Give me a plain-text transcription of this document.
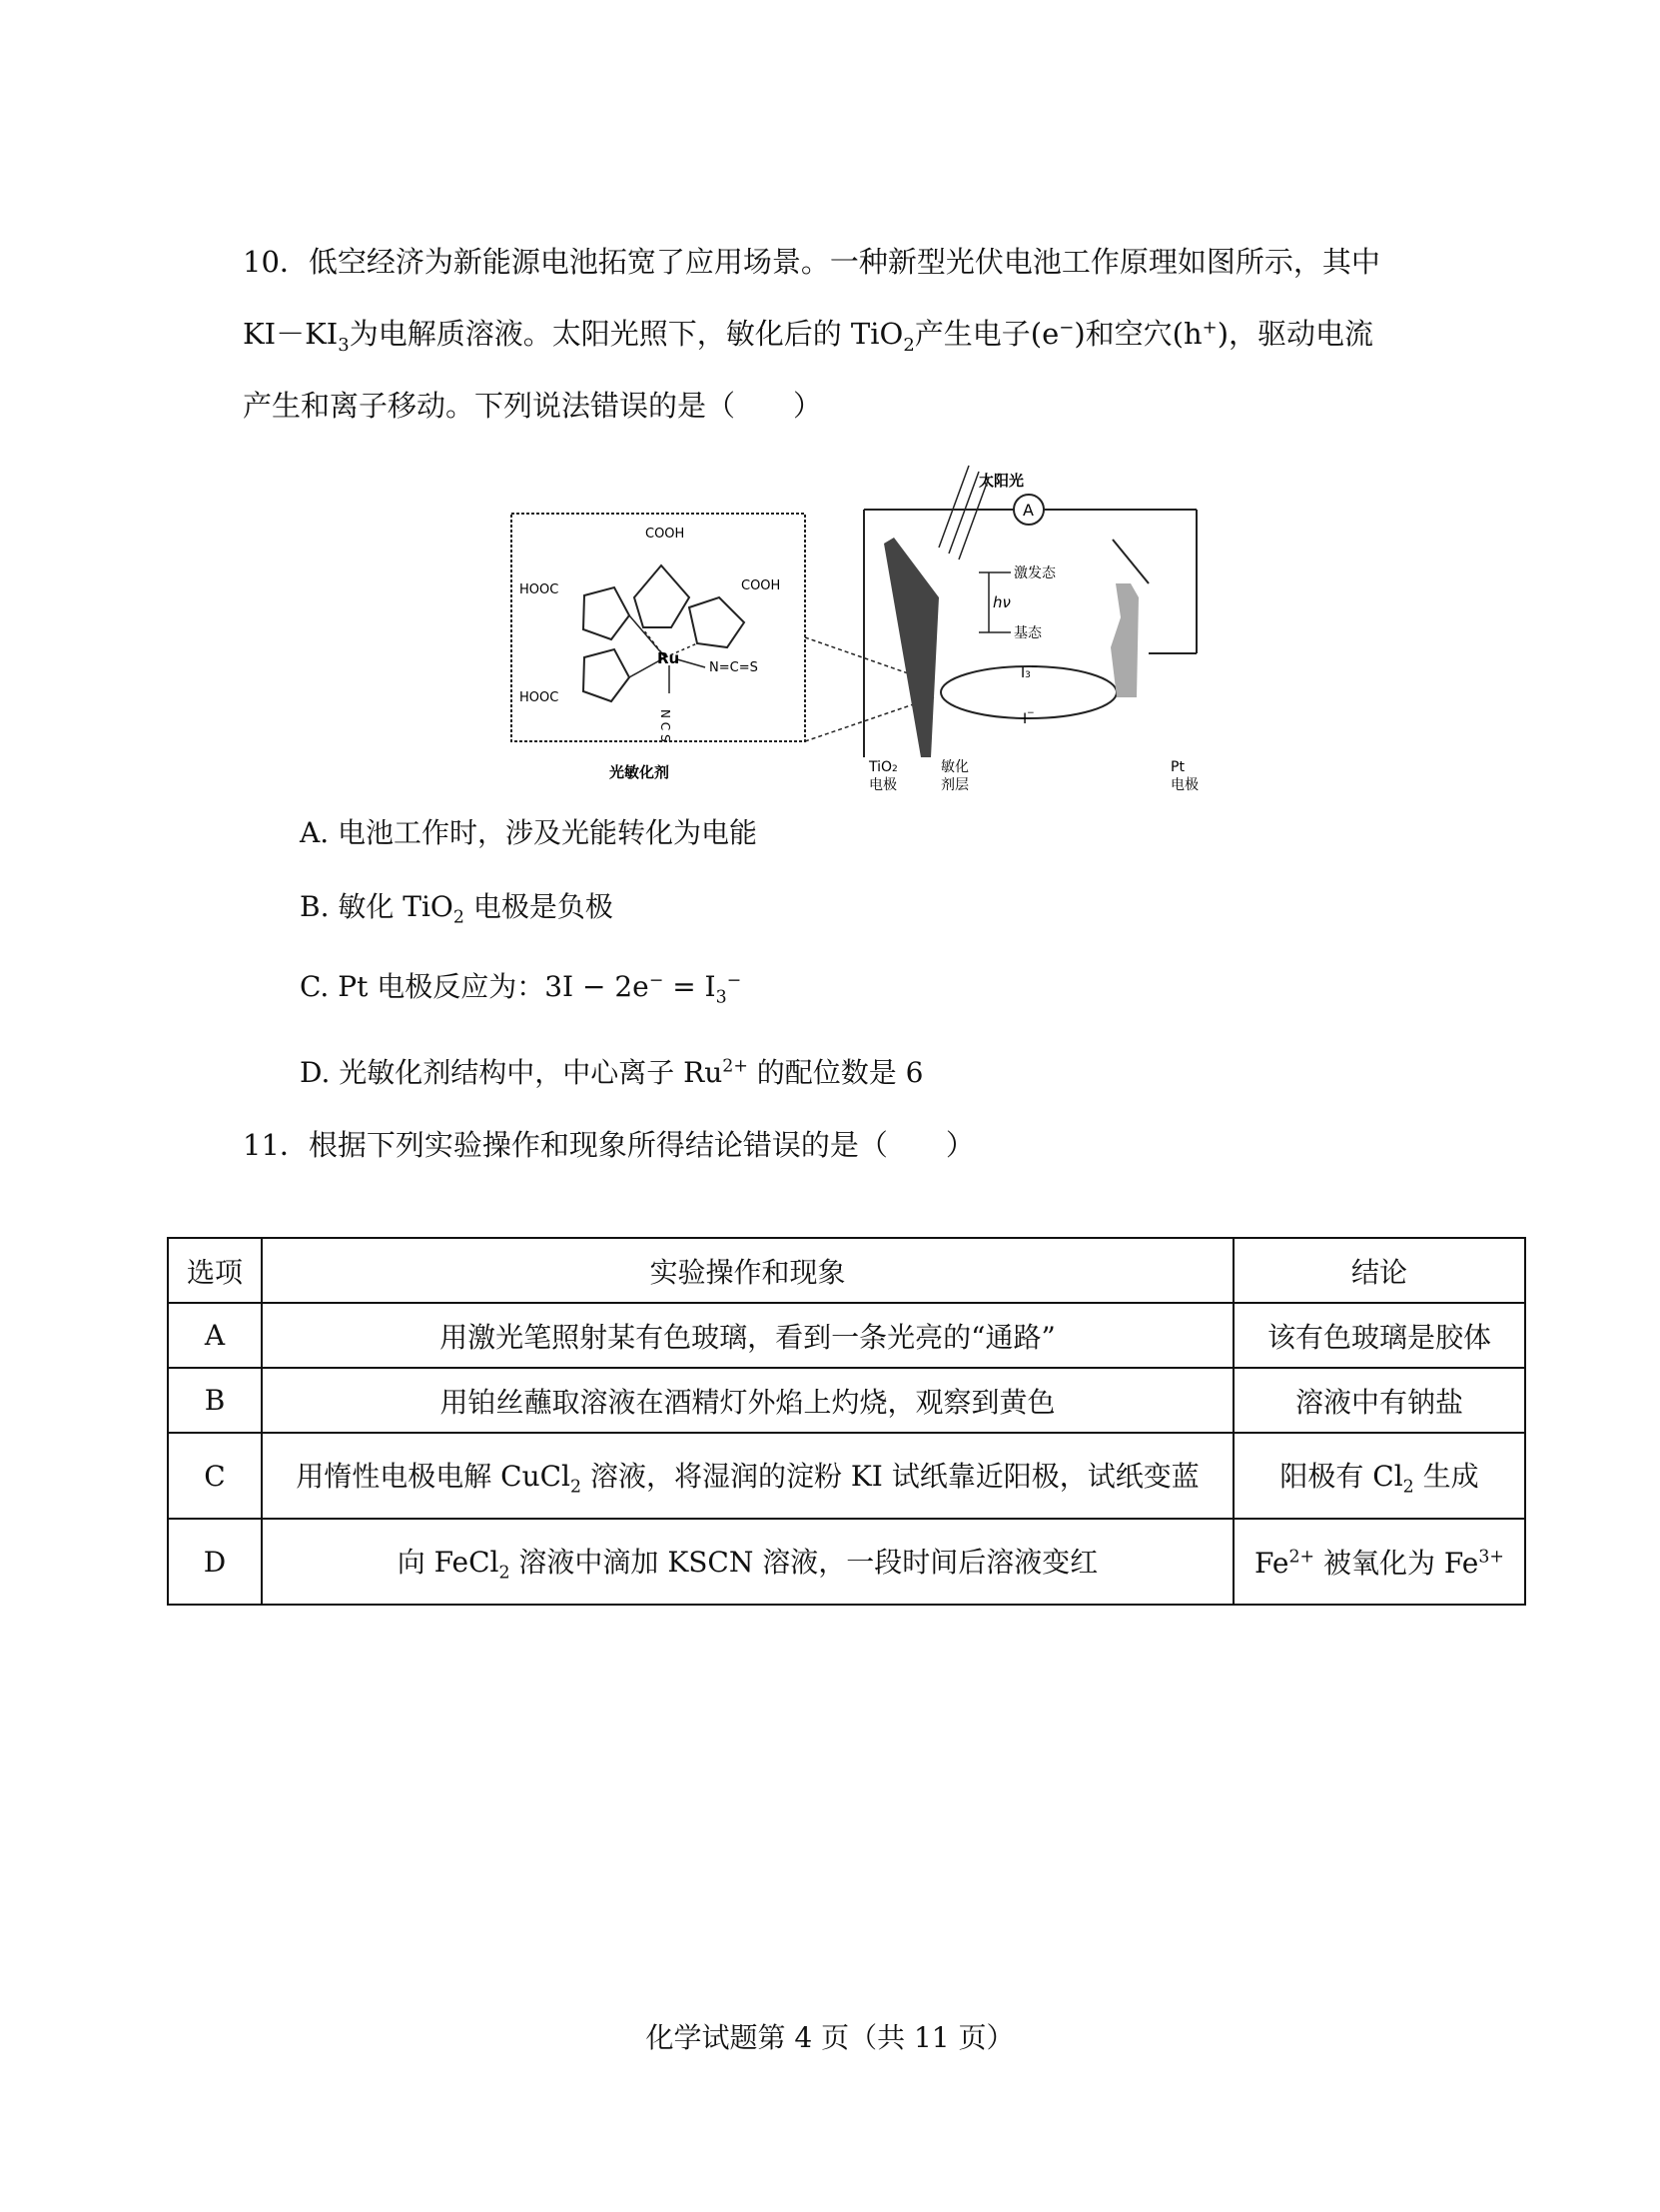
10．低空经济为新能源电池拓宽了应用场景。一种新型光伏电池工作原理如图所示，其中
$KI-KI_3$为电解质溶液。太阳光照下，敏化后的 TiO$_2$产生电子(e−)和空穴(h+)，驱动电流
产生和离子移动。下列说法错误的是（　　）
Ru
COOH
COOH
HOOC
HOOC
N=C=S
N C S
光敏化剂
A
太阳光
hν
激发态
基态
I3−
I−
TiO2
电极
敏化
剂层
Pt
电极
A. 电池工作时，涉及光能转化为电能
B. 敏化 TiO$_2$ 电极是负极
C. Pt 电极反应为：$3I - 2e^- = I_3^-$
D. 光敏化剂结构中，中心离子 $Ru^{2+}$ 的配位数是 6
11．根据下列实验操作和现象所得结论错误的是（　　）
选项	实验操作和现象	结论
A	用激光笔照射某有色玻璃，看到一条光亮的“通路”	该有色玻璃是胶体
B	用铂丝蘸取溶液在酒精灯外焰上灼烧，观察到黄色	溶液中有钠盐
C	用惰性电极电解 CuCl$_2$ 溶液，将湿润的淀粉 KI 试纸靠近阳极，试纸变蓝	阳极有 $Cl_2$ 生成
D	向 FeCl$_2$ 溶液中滴加 KSCN 溶液，一段时间后溶液变红	$Fe^{2+}$ 被氧化为 $Fe^{3+}$
化学试题第 4 页（共 11 页）
